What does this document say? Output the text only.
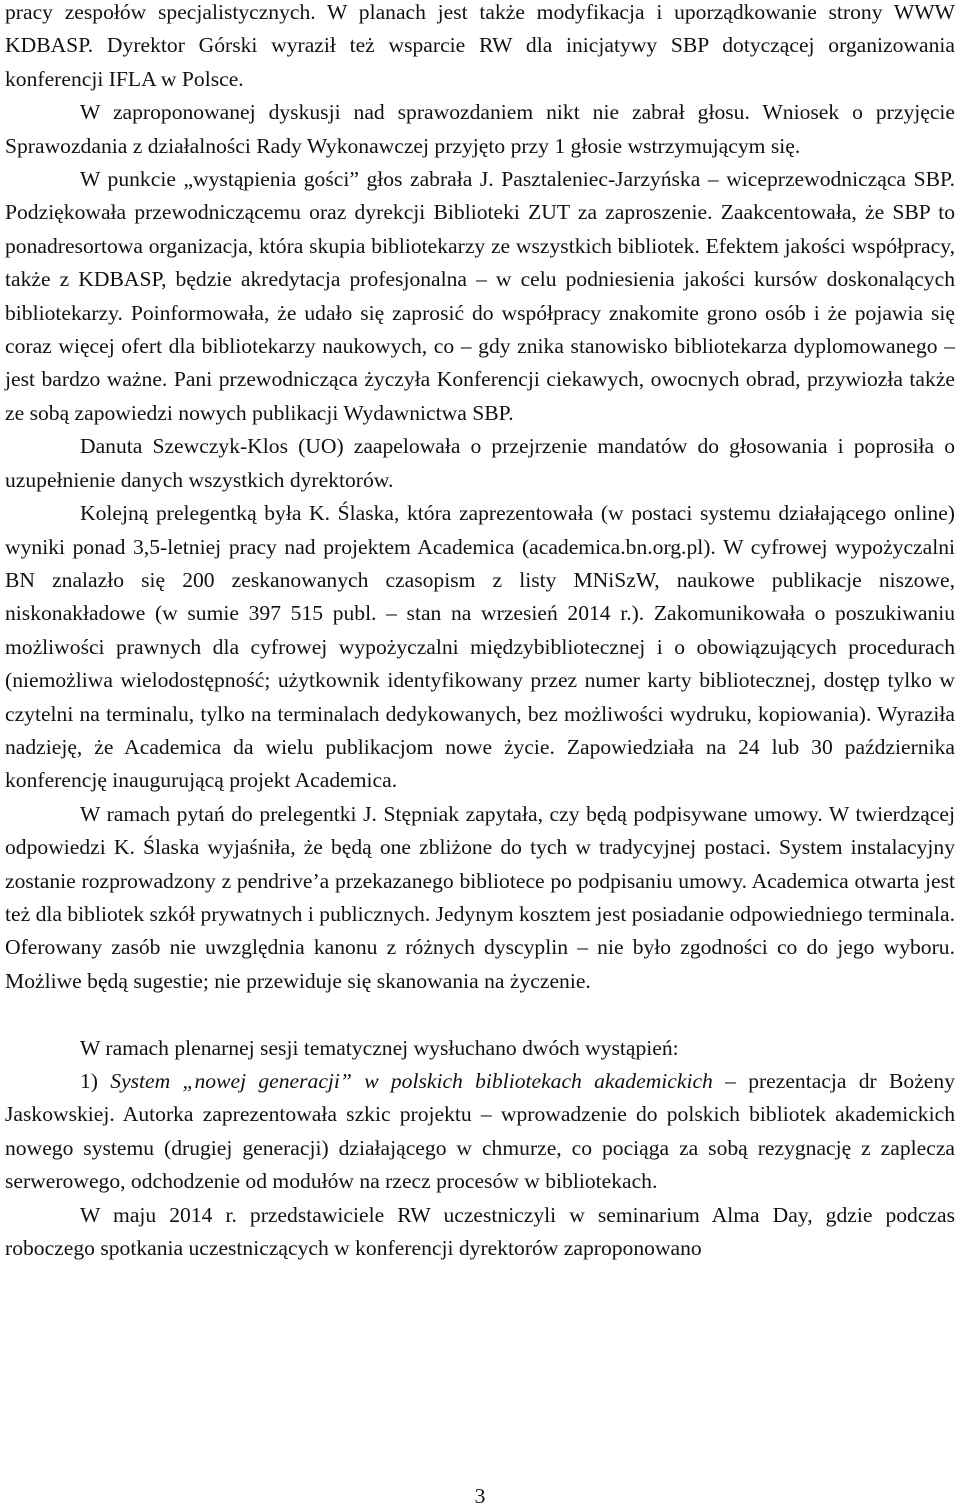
pracy zespołów specjalistycznych. W planach jest także modyfikacja i uporządkowanie strony WWW KDBASP. Dyrektor Górski wyraził też wsparcie RW dla inicjatywy SBP dotyczącej organizowania konferencji IFLA w Polsce.

W zaproponowanej dyskusji nad sprawozdaniem nikt nie zabrał głosu. Wniosek o przyjęcie Sprawozdania z działalności Rady Wykonawczej przyjęto przy 1 głosie wstrzymującym się.

W punkcie „wystąpienia gości” głos zabrała J. Pasztaleniec-Jarzyńska – wiceprzewodnicząca SBP. Podziękowała przewodniczącemu oraz dyrekcji Biblioteki ZUT za zaproszenie. Zaakcentowała, że SBP to ponadresortowa organizacja, która skupia bibliotekarzy ze wszystkich bibliotek. Efektem jakości współpracy, także z KDBASP, będzie akredytacja profesjonalna – w celu podniesienia jakości kursów doskonalących bibliotekarzy. Poinformowała, że udało się zaprosić do współpracy znakomite grono osób i że pojawia się coraz więcej ofert dla bibliotekarzy naukowych, co – gdy znika stanowisko bibliotekarza dyplomowanego – jest bardzo ważne. Pani przewodnicząca życzyła Konferencji ciekawych, owocnych obrad, przywiozła także ze sobą zapowiedzi nowych publikacji Wydawnictwa SBP.

Danuta Szewczyk-Klos (UO) zaapelowała o przejrzenie mandatów do głosowania i poprosiła o uzupełnienie danych wszystkich dyrektorów.

Kolejną prelegentką była K. Ślaska, która zaprezentowała (w postaci systemu działającego online) wyniki ponad 3,5-letniej pracy nad projektem Academica (academica.bn.org.pl). W cyfrowej wypożyczalni BN znalazło się 200 zeskanowanych czasopism z listy MNiSzW, naukowe publikacje niszowe, niskonakładowe (w sumie 397 515 publ. – stan na wrzesień 2014 r.). Zakomunikowała o poszukiwaniu możliwości prawnych dla cyfrowej wypożyczalni międzybibliotecznej i o obowiązujących procedurach (niemożliwa wielodostępność; użytkownik identyfikowany przez numer karty bibliotecznej, dostęp tylko w czytelni na terminalu, tylko na terminalach dedykowanych, bez możliwości wydruku, kopiowania). Wyraziła nadzieję, że Academica da wielu publikacjom nowe życie. Zapowiedziała na 24 lub 30 października konferencję inaugurującą projekt Academica.

W ramach pytań do prelegentki J. Stępniak zapytała, czy będą podpisywane umowy. W twierdzącej odpowiedzi K. Ślaska wyjaśniła, że będą one zbliżone do tych w tradycyjnej postaci. System instalacyjny zostanie rozprowadzony z pendrive’a przekazanego bibliotece po podpisaniu umowy. Academica otwarta jest też dla bibliotek szkół prywatnych i publicznych. Jedynym kosztem jest posiadanie odpowiedniego terminala. Oferowany zasób nie uwzględnia kanonu z różnych dyscyplin – nie było zgodności co do jego wyboru. Możliwe będą sugestie; nie przewiduje się skanowania na życzenie.

W ramach plenarnej sesji tematycznej wysłuchano dwóch wystąpień:

1) System „nowej generacji” w polskich bibliotekach akademickich – prezentacja dr Bożeny Jaskowskiej. Autorka zaprezentowała szkic projektu – wprowadzenie do polskich bibliotek akademickich nowego systemu (drugiej generacji) działającego w chmurze, co pociąga za sobą rezygnację z zaplecza serwerowego, odchodzenie od modułów na rzecz procesów w bibliotekach.

W maju 2014 r. przedstawiciele RW uczestniczyli w seminarium Alma Day, gdzie podczas roboczego spotkania uczestniczących w konferencji dyrektorów zaproponowano

3
